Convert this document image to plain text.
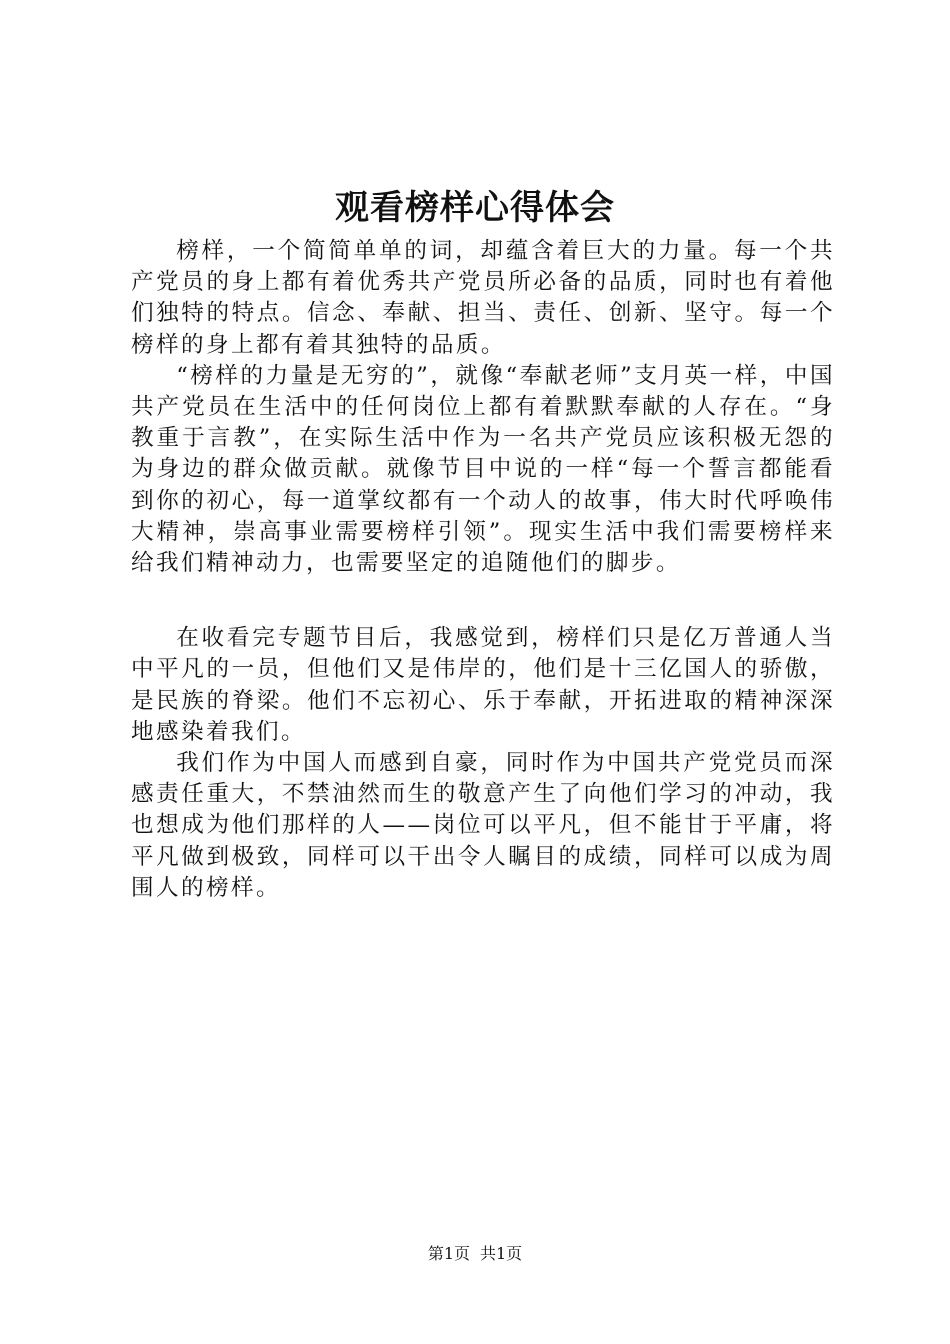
观看榜样心得体会

榜样，一个简简单单的词，却蕴含着巨大的力量。每一个共产党员的身上都有着优秀共产党员所必备的品质，同时也有着他们独特的特点。信念、奉献、担当、责任、创新、坚守。每一个榜样的身上都有着其独特的品质。

“榜样的力量是无穷的”，就像“奉献老师”支月英一样，中国共产党员在生活中的任何岗位上都有着默默奉献的人存在。“身教重于言教”，在实际生活中作为一名共产党员应该积极无怨的为身边的群众做贡献。就像节目中说的一样“每一个誓言都能看到你的初心，每一道掌纹都有一个动人的故事，伟大时代呼唤伟大精神，崇高事业需要榜样引领”。现实生活中我们需要榜样来给我们精神动力，也需要坚定的追随他们的脚步。

在收看完专题节目后，我感觉到，榜样们只是亿万普通人当中平凡的一员，但他们又是伟岸的，他们是十三亿国人的骄傲，是民族的脊梁。他们不忘初心、乐于奉献，开拓进取的精神深深地感染着我们。

我们作为中国人而感到自豪，同时作为中国共产党党员而深感责任重大，不禁油然而生的敬意产生了向他们学习的冲动，我也想成为他们那样的人——岗位可以平凡，但不能甘于平庸，将平凡做到极致，同样可以干出令人瞩目的成绩，同样可以成为周围人的榜样。

第1页 共1页
